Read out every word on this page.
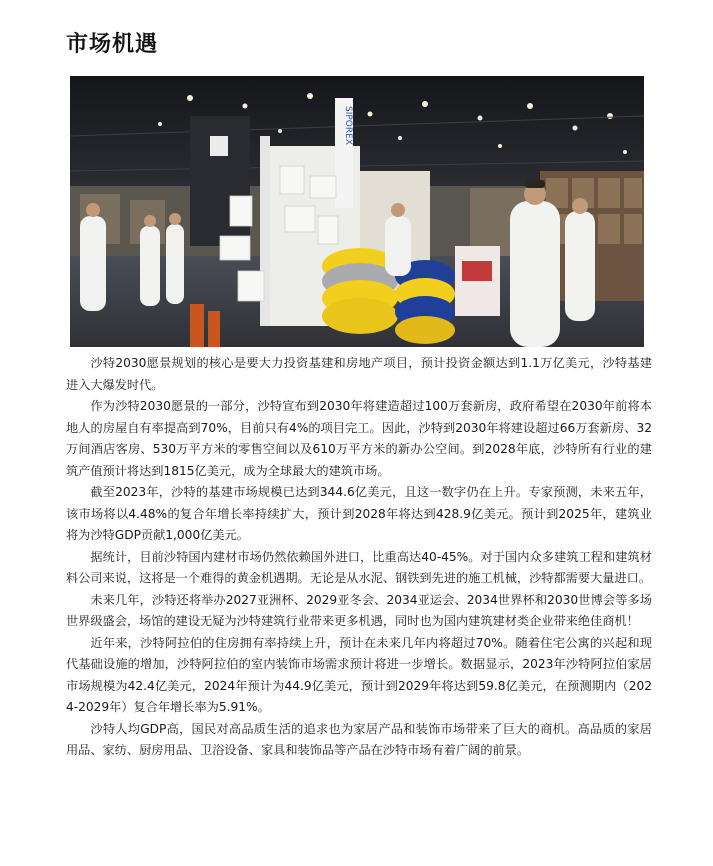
市场机遇
SIPOREX

沙特2030愿景规划的核心是要大力投资基建和房地产项目，预计投资金额达到1.1万亿美元，沙特基建进入大爆发时代。

作为沙特2030愿景的一部分，沙特宣布到2030年将建造超过100万套新房，政府希望在2030年前将本地人的房屋自有率提高到70%，目前只有4%的项目完工。因此，沙特到2030年将建设超过66万套新房、32万间酒店客房、530万平方米的零售空间以及610万平方米的新办公空间。到2028年底，沙特所有行业的建筑产值预计将达到1815亿美元，成为全球最大的建筑市场。

截至2023年，沙特的基建市场规模已达到344.6亿美元，且这一数字仍在上升。专家预测，未来五年，该市场将以4.48%的复合年增长率持续扩大，预计到2028年将达到428.9亿美元。预计到2025年，建筑业将为沙特GDP贡献1,000亿美元。

据统计，目前沙特国内建材市场仍然依赖国外进口，比重高达40-45%。对于国内众多建筑工程和建筑材料公司来说，这将是一个难得的黄金机遇期。无论是从水泥、钢铁到先进的施工机械，沙特都需要大量进口。

未来几年，沙特还将举办2027亚洲杯、2029亚冬会、2034亚运会、2034世界杯和2030世博会等多场世界级盛会，场馆的建设无疑为沙特建筑行业带来更多机遇，同时也为国内建筑建材类企业带来绝佳商机！

近年来，沙特阿拉伯的住房拥有率持续上升，预计在未来几年内将超过70%。随着住宅公寓的兴起和现代基础设施的增加，沙特阿拉伯的室内装饰市场需求预计将进一步增长。数据显示，2023年沙特阿拉伯家居市场规模为42.4亿美元，2024年预计为44.9亿美元，预计到2029年将达到59.8亿美元，在预测期内（2024-2029年）复合年增长率为5.91%。

沙特人均GDP高，国民对高品质生活的追求也为家居产品和装饰市场带来了巨大的商机。高品质的家居用品、家纺、厨房用品、卫浴设备、家具和装饰品等产品在沙特市场有着广阔的前景。
